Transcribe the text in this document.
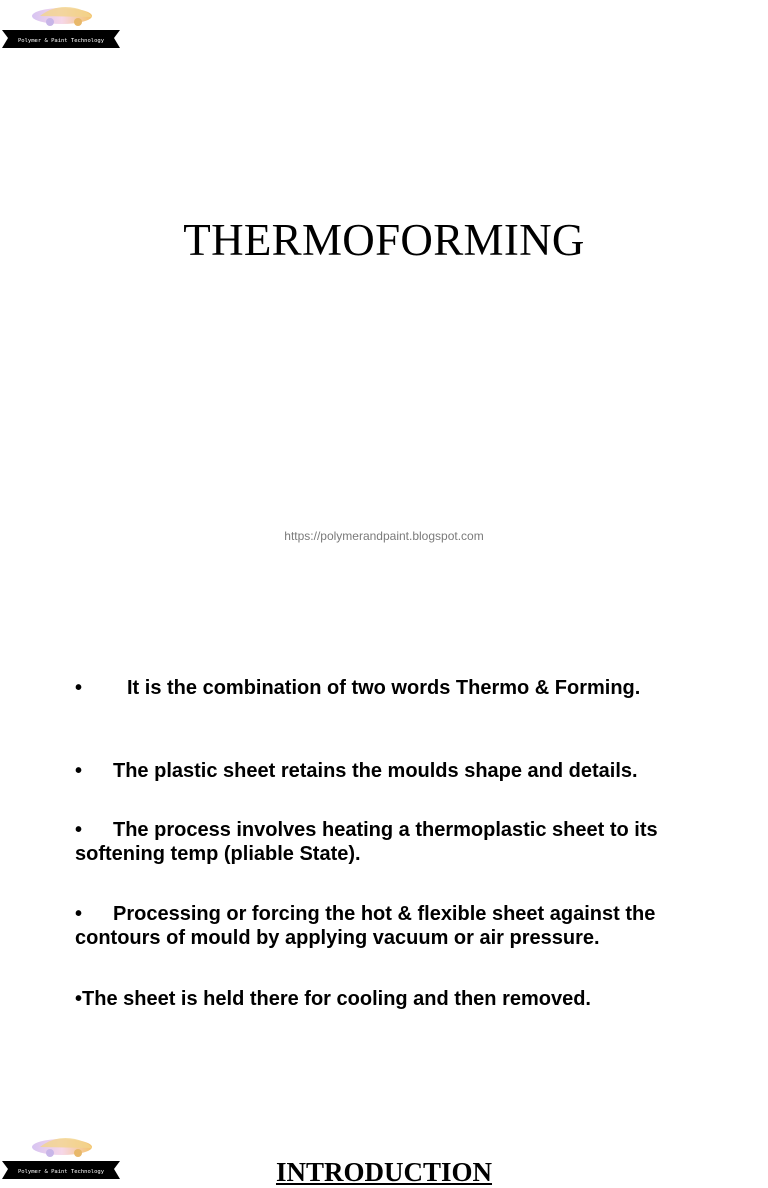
Polymer & Paint Technology
THERMOFORMING
https://polymerandpaint.blogspot.com
Polymer & Paint Technology	INTRODUCTION
• It is the combination of two words Thermo & Forming.
• The plastic sheet retains the moulds shape and details.
• The process involves heating a thermoplastic sheet to its softening temp (pliable State).
• Processing or forcing the hot & flexible sheet against the contours of mould by applying vacuum or air pressure.
•The sheet is held there for cooling and then removed.
